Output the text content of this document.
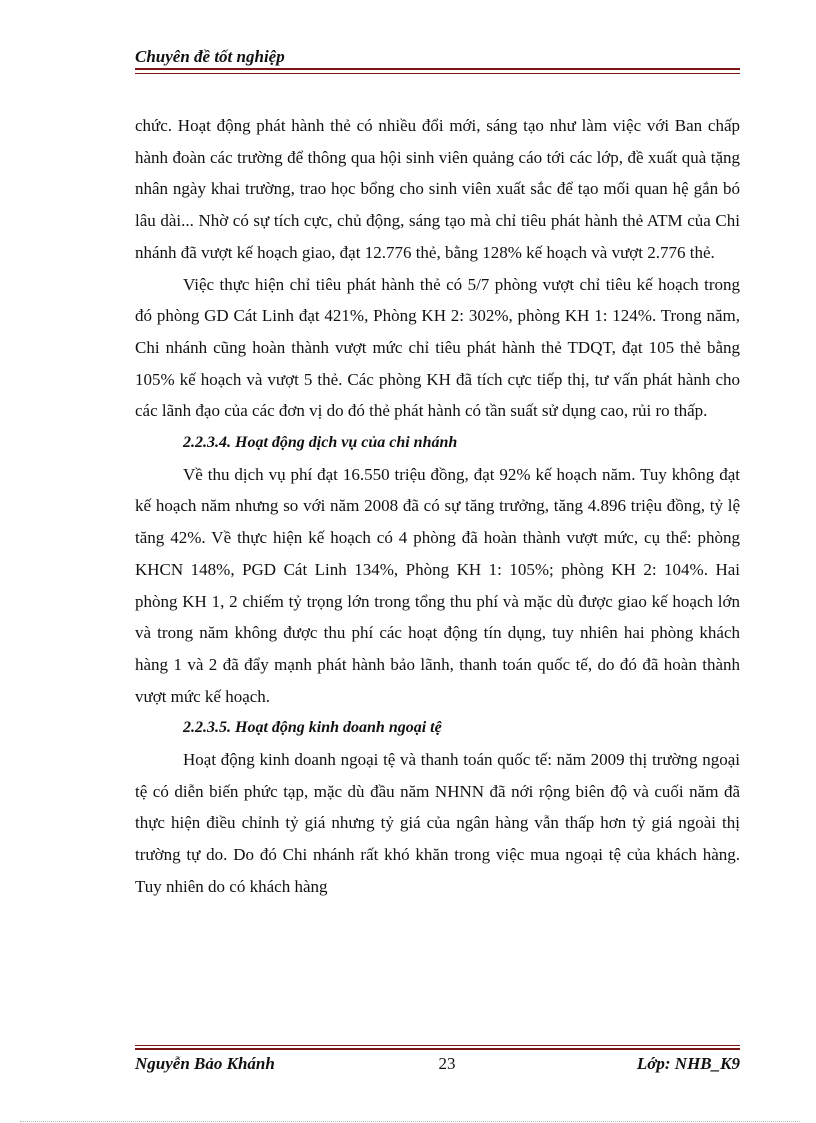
Chuyên đề tốt nghiệp

chức. Hoạt động phát hành thẻ có nhiều đổi mới, sáng tạo như làm việc với Ban chấp hành đoàn các trường để thông qua hội sinh viên quảng cáo tới các lớp, đề xuất quà tặng nhân ngày khai trường, trao học bổng cho sinh viên xuất sắc để tạo mối quan hệ gắn bó lâu dài... Nhờ có sự tích cực, chủ động, sáng tạo mà chỉ tiêu phát hành thẻ ATM của Chi nhánh đã vượt kế hoạch giao, đạt 12.776 thẻ, bằng 128% kế hoạch và vượt 2.776 thẻ.

Việc thực hiện chỉ tiêu phát hành thẻ có 5/7 phòng vượt chỉ tiêu kế hoạch trong đó phòng GD Cát Linh đạt 421%, Phòng KH 2: 302%, phòng KH 1: 124%. Trong năm, Chi nhánh cũng hoàn thành vượt mức chỉ tiêu phát hành thẻ TDQT, đạt 105 thẻ bằng 105% kế hoạch và vượt 5 thẻ. Các phòng KH đã tích cực tiếp thị, tư vấn phát hành cho các lãnh đạo của các đơn vị do đó thẻ phát hành có tần suất sử dụng cao, rủi ro thấp.

2.2.3.4. Hoạt động dịch vụ của chi nhánh

Về thu dịch vụ phí đạt 16.550 triệu đồng, đạt 92% kế hoạch năm. Tuy không đạt kế hoạch năm nhưng so với năm 2008 đã có sự tăng trưởng, tăng 4.896 triệu đồng, tỷ lệ tăng 42%. Về thực hiện kế hoạch có 4 phòng đã hoàn thành vượt mức, cụ thể: phòng KHCN 148%, PGD Cát Linh 134%, Phòng KH 1: 105%; phòng KH 2: 104%. Hai phòng KH 1, 2 chiếm tỷ trọng lớn trong tổng thu phí và mặc dù được giao kế hoạch lớn và trong năm không được thu phí các hoạt động tín dụng, tuy nhiên hai phòng khách hàng 1 và 2 đã đẩy mạnh phát hành bảo lãnh, thanh toán quốc tế, do đó đã hoàn thành vượt mức kế hoạch.

2.2.3.5. Hoạt động kinh doanh ngoại tệ

Hoạt động kinh doanh ngoại tệ và thanh toán quốc tế: năm 2009 thị trường ngoại tệ có diễn biến phức tạp, mặc dù đầu năm NHNN đã nới rộng biên độ và cuối năm đã thực hiện điều chỉnh tỷ giá nhưng tỷ giá của ngân hàng vẫn thấp hơn tỷ giá ngoài thị trường tự do. Do đó Chi nhánh rất khó khăn trong việc mua ngoại tệ của khách hàng. Tuy nhiên do có khách hàng

Nguyễn Bảo Khánh	23	Lớp: NHB_K9
